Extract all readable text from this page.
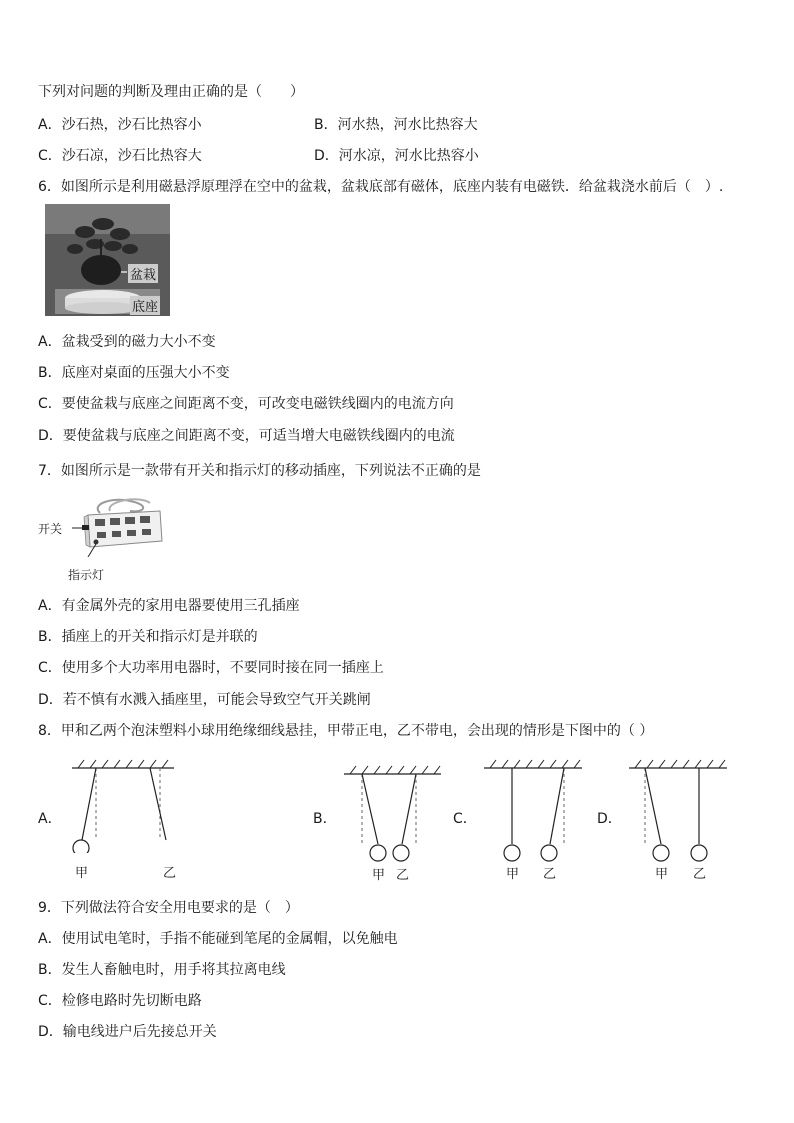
下列对问题的判断及理由正确的是（　　）
A．沙石热，沙石比热容小	B．河水热，河水比热容大
C．沙石凉，沙石比热容大	D．河水凉，河水比热容小
6．如图所示是利用磁悬浮原理浮在空中的盆栽，盆栽底部有磁体，底座内装有电磁铁．给盆栽浇水前后（　）.
盆栽
底座
A．盆栽受到的磁力大小不变
B．底座对桌面的压强大小不变
C．要使盆栽与底座之间距离不变，可改变电磁铁线圈内的电流方向
D．要使盆栽与底座之间距离不变，可适当增大电磁铁线圈内的电流
7．如图所示是一款带有开关和指示灯的移动插座，下列说法不正确的是
开关
指示灯
A．有金属外壳的家用电器要使用三孔插座
B．插座上的开关和指示灯是并联的
C．使用多个大功率用电器时，不要同时接在同一插座上
D．若不慎有水溅入插座里，可能会导致空气开关跳闸
8．甲和乙两个泡沫塑料小球用绝缘细线悬挂，甲带正电，乙不带电，会出现的情形是下图中的（ ）
A．	B．	C．	D．
甲	乙	甲 乙	甲 乙	甲 乙
9．下列做法符合安全用电要求的是（　）
A．使用试电笔时，手指不能碰到笔尾的金属帽，以免触电
B．发生人畜触电时，用手将其拉离电线
C．检修电路时先切断电路
D．输电线进户后先接总开关
